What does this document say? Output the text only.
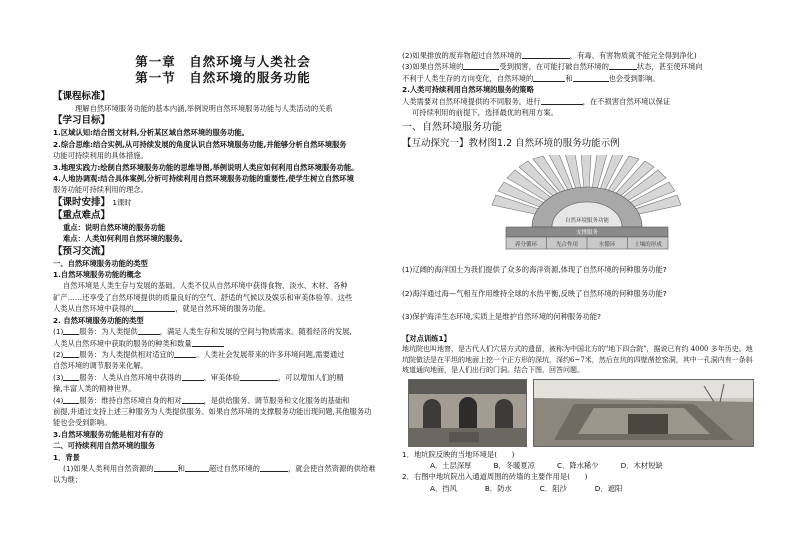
第一章　自然环境与人类社会

第一节　自然环境的服务功能

【课程标准】

理解自然环境服务功能的基本内涵,举例说明自然环境服务功能与人类活动的关系

【学习目标】

1.区域认知:结合图文材料,分析某区域自然环境的服务功能。

2.综合思维:结合实例,从可持续发展的角度认识自然环境服务功能,并能够分析自然环境服务

功能可持续利用的具体措施。

3.地理实践力:绘制自然环境服务功能的思维导图,举例说明人类应如何利用自然环境服务功能。

4.人地协调观:结合具体案例,分析可持续利用自然环境服务功能的重要性,使学生树立自然环境

服务功能可持续利用的理念。

【课时安排】 1课时

【重点难点】

重点：说明自然环境的服务功能

难点：人类如何利用自然环境的服务。

【预习交流】

一、自然环境服务功能的类型

1.自然环境服务功能的概念

自然环境是人类生存与发展的基础。人类不仅从自然环境中获得食物、淡水、木材、各种

矿产……还享受了自然环境提供的质量良好的空气、舒适的气候以及娱乐和审美体验等。这些

人类从自然环境中获得的	，就是自然环境的服务功能。

2. 自然环境服务功能的类型

(1) 服务：为人类提供	，满足人类生存和发展的空间与物质需求。随着经济的发展,

人类从自然环境中获取的服务的种类和数量

(2) 服务：为人类提供相对适宜的	。人类社会发展带来的许多环境问题,需要通过

自然环境的调节服务来化解。

(3) 服务：人类从自然环境中获得的	、审美体验	，可以增加人们的精

操,丰富人类的精神世界。

(4) 服务：维持自然环境自身的相对	，是供给服务、调节服务和文化服务的基础和

前提,并通过支持上述三种服务为人类提供服务。如果自然环境的支撑服务功能出现问题,其他服务功

能也会受到影响。

3.自然环境服务功能是相对有存的

二、可持续利用自然环境的服务

1．背景

(1)如果人类利用自然资源的	和	超过自然环境的	，就会使自然资源的供给难

以为继；

(2)如果排放的废弃物超过自然环境的	，有毒、有害物质就不能完全得到净化)

(3)如果自然环境的	受到损害，在可能打破自然环境的	状态，甚至使环境向

不利于人类生存的方向变化，自然环境的	和	也会受到影响。

2.人类可持续利用自然环境的服务的策略

人类需要对自然环境提供的不同服务，进行	，在不损害自然环境以保证

可持续利用的前提下，选择最优的利用方案。

一、自然环境服务功能

【互动探究一】教材图1.2 自然环境的服务功能示例

自然环境服务功能
支撑服务
养分循环	光合作用	水循环	土壤的形成

(1)辽阔的海洋国土为我们提供了众多的海洋资源,体现了自然环境的何种服务功能?

(2)海洋通过海—气相互作用维持全球的水热平衡,反映了自然环境的何种服务功能?

(3)保护海洋生态环境,实质上是维护自然环境的何种服务功能?

【对点训练1】

地坑院也叫地窨，是古代人们穴居方式的遗留，被称为中国北方的"地下四合院"，据说已有约 4000 多年历史。地坑院做法是在平坦的地面上挖一个正方形的深坑，深约6~7米，然后在坑的四壁凿挖窑洞，其中一孔洞内有一条斜坡道通向地面，是人们出行的门洞。结合下图，回答问题。

1．地坑院反映的当地环境是(　　)

A．土层深厚	B．冬暖夏凉	C．降水稀少	D．木材短缺

2．右图中地坑院出入通道周围的砖墙的主要作用是(　　)

A．挡风	B．防水	C．阻沙	D．遮阳
